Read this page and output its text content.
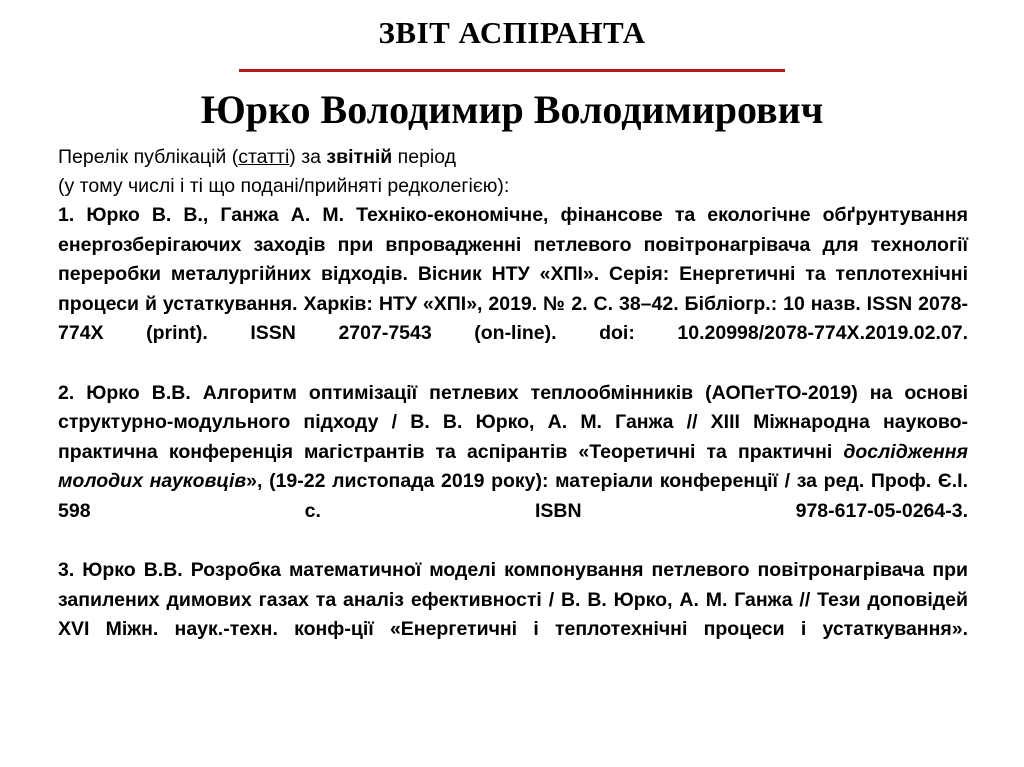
ЗВІТ АСПІРАНТА
Юрко Володимир Володимирович
Перелік публікацій (статті) за звітній період
(у тому числі і ті що подані/прийняті редколегією):

1. Юрко В. В., Ганжа А. М. Техніко-економічне, фінансове та екологічне обґрунтування енергозберігаючих заходів при впровадженні петлевого повітронагрівача для технології переробки металургійних відходів. Вісник НТУ «ХПІ». Серія: Енергетичні та теплотехнічні процеси й устаткування. Харків: НТУ «ХПІ», 2019. № 2. С. 38–42. Бібліогр.: 10 назв. ISSN 2078-774X (print). ISSN 2707-7543 (on-line). doi: 10.20998/2078-774X.2019.02.07.

2. Юрко В.В. Алгоритм оптимізації петлевих теплообмінників (АОПетТО-2019) на основі структурно-модульного підходу / В. В. Юрко, А. М. Ганжа // XIII Міжнародна науково-практична конференція магістрантів та аспірантів «Теоретичні та практичні дослідження молодих науковців», (19-22 листопада 2019 року): матеріали конференції / за ред. Проф. Є.І. 598 с. ISBN 978-617-05-0264-3.

3. Юрко В.В. Розробка математичної моделі компонування петлевого повітронагрівача при запилених димових газах та аналіз ефективності / В. В. Юрко, А. М. Ганжа // Тези доповідей XVI Міжн. наук.-техн. конф-ції «Енергетичні і теплотехнічні процеси і устаткування».
